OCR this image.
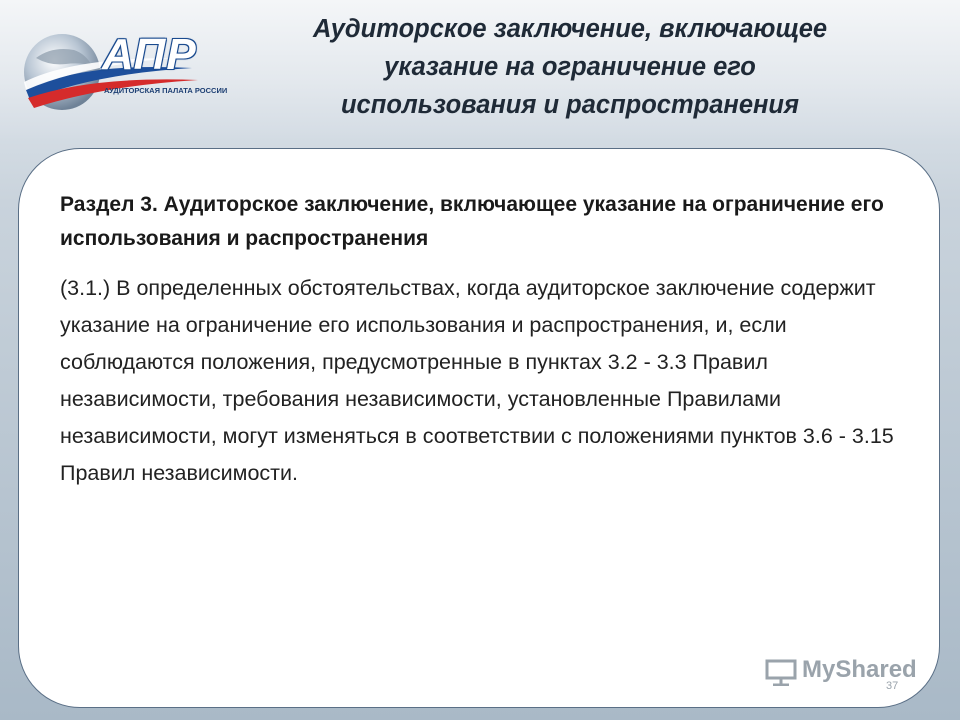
АПР
АУДИТОРСКАЯ ПАЛАТА РОССИИ
Аудиторское заключение, включающее
указание на ограничение его
использования и распространения
Раздел 3. Аудиторское заключение, включающее указание на ограничение его использования и распространения
(3.1.) В определенных обстоятельствах, когда аудиторское заключение содержит указание на ограничение его использования и распространения, и, если соблюдаются положения, предусмотренные в пунктах 3.2 - 3.3 Правил независимости, требования независимости, установленные Правилами независимости, могут изменяться в соответствии с положениями пунктов 3.6 - 3.15 Правил независимости.
MyShared
37
